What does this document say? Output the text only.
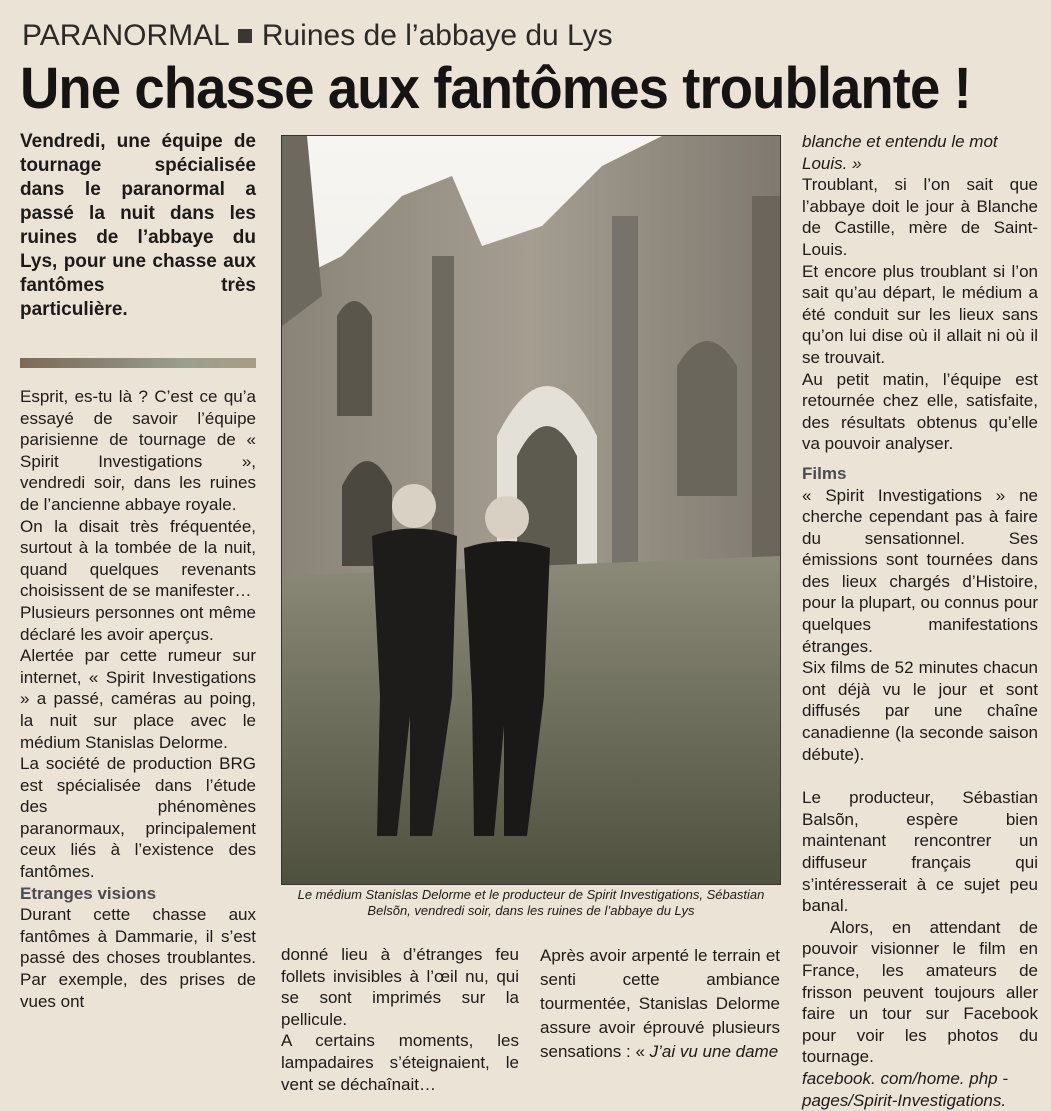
PARANORMAL Ruines de l’abbaye du Lys
Une chasse aux fantômes troublante !

Vendredi, une équipe de tournage spécialisée dans le paranormal a passé la nuit dans les ruines de l’abbaye du Lys, pour une chasse aux fantômes très particulière.

Esprit, es-tu là ? C’est ce qu’a essayé de savoir l’équipe parisienne de tournage de « Spirit Investigations », vendredi soir, dans les ruines de l’ancienne abbaye royale.

On la disait très fréquentée, surtout à la tombée de la nuit, quand quelques revenants choisissent de se manifester…

Plusieurs personnes ont même déclaré les avoir aperçus.

Alertée par cette rumeur sur internet, « Spirit Investigations » a passé, caméras au poing, la nuit sur place avec le médium Stanislas Delorme.

La société de production BRG est spécialisée dans l’étude des phénomènes paranormaux, principalement ceux liés à l’existence des fantômes.

Etranges visions

Durant cette chasse aux fantômes à Dammarie, il s’est passé des choses troublantes. Par exemple, des prises de vues ont

Le médium Stanislas Delorme et le producteur de Spirit Investigations, Sébastian Belsõn, vendredi soir, dans les ruines de l’abbaye du Lys

donné lieu à d’étranges feu follets invisibles à l’œil nu, qui se sont imprimés sur la pellicule.

A certains moments, les lampadaires s’éteignaient, le vent se déchaînait…

Après avoir arpenté le terrain et senti cette ambiance tourmentée, Stanislas Delorme assure avoir éprouvé plusieurs sensations : « J’ai vu une dame

blanche et entendu le mot Louis. »

Troublant, si l’on sait que l’abbaye doit le jour à Blanche de Castille, mère de Saint-Louis.

Et encore plus troublant si l’on sait qu’au départ, le médium a été conduit sur les lieux sans qu’on lui dise où il allait ni où il se trouvait.

Au petit matin, l’équipe est retournée chez elle, satisfaite, des résultats obtenus qu’elle va pouvoir analyser.

Films

« Spirit Investigations » ne cherche cependant pas à faire du sensationnel. Ses émissions sont tournées dans des lieux chargés d’Histoire, pour la plupart, ou connus pour quelques manifestations étranges.

Six films de 52 minutes chacun ont déjà vu le jour et sont diffusés par une chaîne canadienne (la seconde saison débute).

Le producteur, Sébastian Balsõn, espère bien maintenant rencontrer un diffuseur français qui s’intéresserait à ce sujet peu banal.

Alors, en attendant de pouvoir visionner le film en France, les amateurs de frisson peuvent toujours aller faire un tour sur Facebook pour voir les photos du tournage.

facebook. com/home. php - pages/Spirit-Investigations.
